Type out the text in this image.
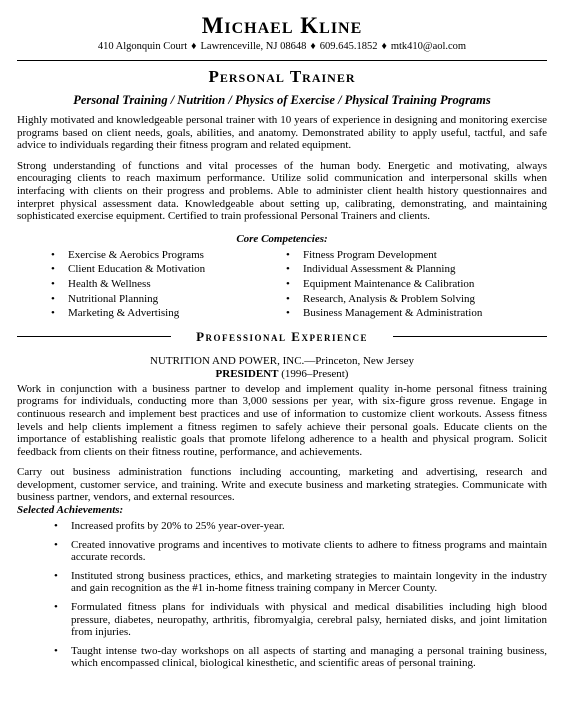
Michael Kline
410 Algonquin Court ♦ Lawrenceville, NJ 08648 ♦ 609.645.1852 ♦ mtk410@aol.com
Personal Trainer
Personal Training / Nutrition / Physics of Exercise / Physical Training Programs

Highly motivated and knowledgeable personal trainer with 10 years of experience in designing and monitoring exercise programs based on client needs, goals, abilities, and anatomy. Demonstrated ability to apply useful, tactful, and safe advice to individuals regarding their fitness program and related equipment.

Strong understanding of functions and vital processes of the human body. Energetic and motivating, always encouraging clients to reach maximum performance. Utilize solid communication and interpersonal skills when interfacing with clients on their progress and problems. Able to administer client health history questionnaires and interpret physical assessment data. Knowledgeable about setting up, calibrating, demonstrating, and maintaining sophisticated exercise equipment. Certified to train professional Personal Trainers and clients.

Core Competencies:
• Exercise & Aerobics Programs
• Client Education & Motivation
• Health & Wellness
• Nutritional Planning
• Marketing & Advertising
• Fitness Program Development
• Individual Assessment & Planning
• Equipment Maintenance & Calibration
• Research, Analysis & Problem Solving
• Business Management & Administration
Professional Experience
NUTRITION AND POWER, INC.—Princeton, New Jersey
PRESIDENT (1996–Present)

Work in conjunction with a business partner to develop and implement quality in-home personal fitness training programs for individuals, conducting more than 3,000 sessions per year, with six-figure gross revenue. Engage in continuous research and implement best practices and use of information to customize client workouts. Assess fitness levels and help clients implement a fitness regimen to safely achieve their personal goals. Educate clients on the importance of establishing realistic goals that promote lifelong adherence to a health and physical program. Solicit feedback from clients on their fitness routine, performance, and achievements.

Carry out business administration functions including accounting, marketing and advertising, research and development, customer service, and training. Write and execute business and marketing strategies. Communicate with business partner, vendors, and external resources.

Selected Achievements:
• Increased profits by 20% to 25% year-over-year.
• Created innovative programs and incentives to motivate clients to adhere to fitness programs and maintain accurate records.
• Instituted strong business practices, ethics, and marketing strategies to maintain longevity in the industry and gain recognition as the #1 in-home fitness training company in Mercer County.
• Formulated fitness plans for individuals with physical and medical disabilities including high blood pressure, diabetes, neuropathy, arthritis, fibromyalgia, cerebral palsy, herniated disks, and joint limitation from injuries.
• Taught intense two-day workshops on all aspects of starting and managing a personal training business, which encompassed clinical, biological kinesthetic, and scientific areas of personal training.
